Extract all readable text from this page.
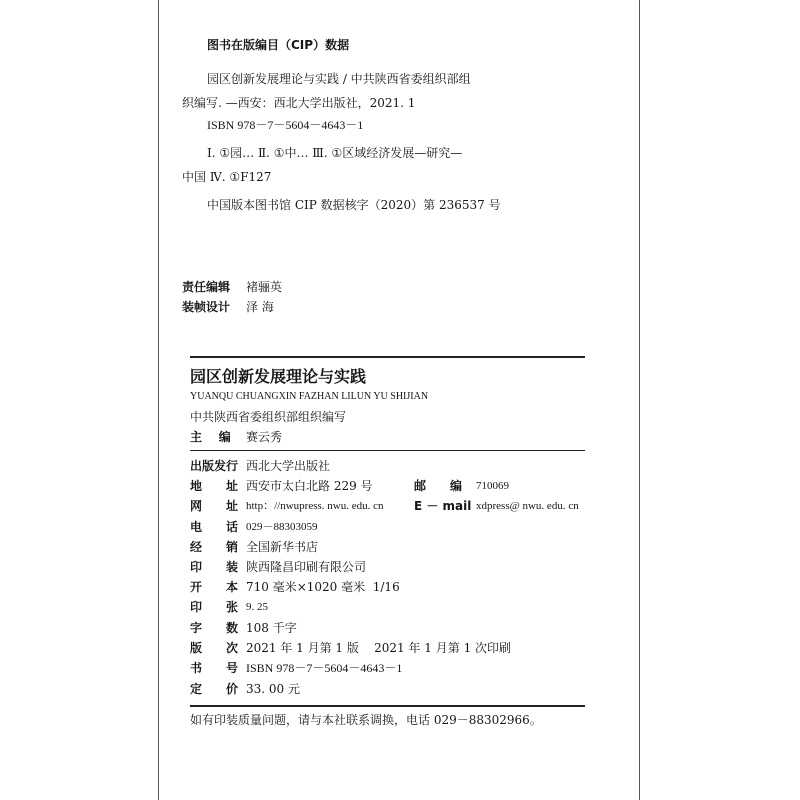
图书在版编目（CIP）数据
园区创新发展理论与实践 / 中共陕西省委组织部组
织编写. —西安：西北大学出版社，2021. 1
ISBN 978－7－5604－4643－1
Ⅰ. ①园… Ⅱ. ①中… Ⅲ. ①区域经济发展—研究—
中国 Ⅳ. ①F127
中国版本图书馆 CIP 数据核字（2020）第 236537 号
责任编辑 褚骊英
装帧设计 泽 海
园区创新发展理论与实践
YUANQU CHUANGXIN FAZHAN LILUN YU SHIJIAN
中共陕西省委组织部组织编写
主    编 赛云秀
出版发行 西北大学出版社
地 址 西安市太白北路 229 号	邮 编 710069
网 址 http：//nwupress. nwu. edu. cn	E － mail xdpress@ nwu. edu. cn
电 话 029－88303059
经 销 全国新华书店
印 装 陕西隆昌印刷有限公司
开 本 710 毫米×1020 毫米  1/16
印 张 9. 25
字 数 108 千字
版 次 2021 年 1 月第 1 版    2021 年 1 月第 1 次印刷
书 号 ISBN 978－7－5604－4643－1
定 价 33. 00 元
如有印装质量问题，请与本社联系调换，电话 029－88302966。
